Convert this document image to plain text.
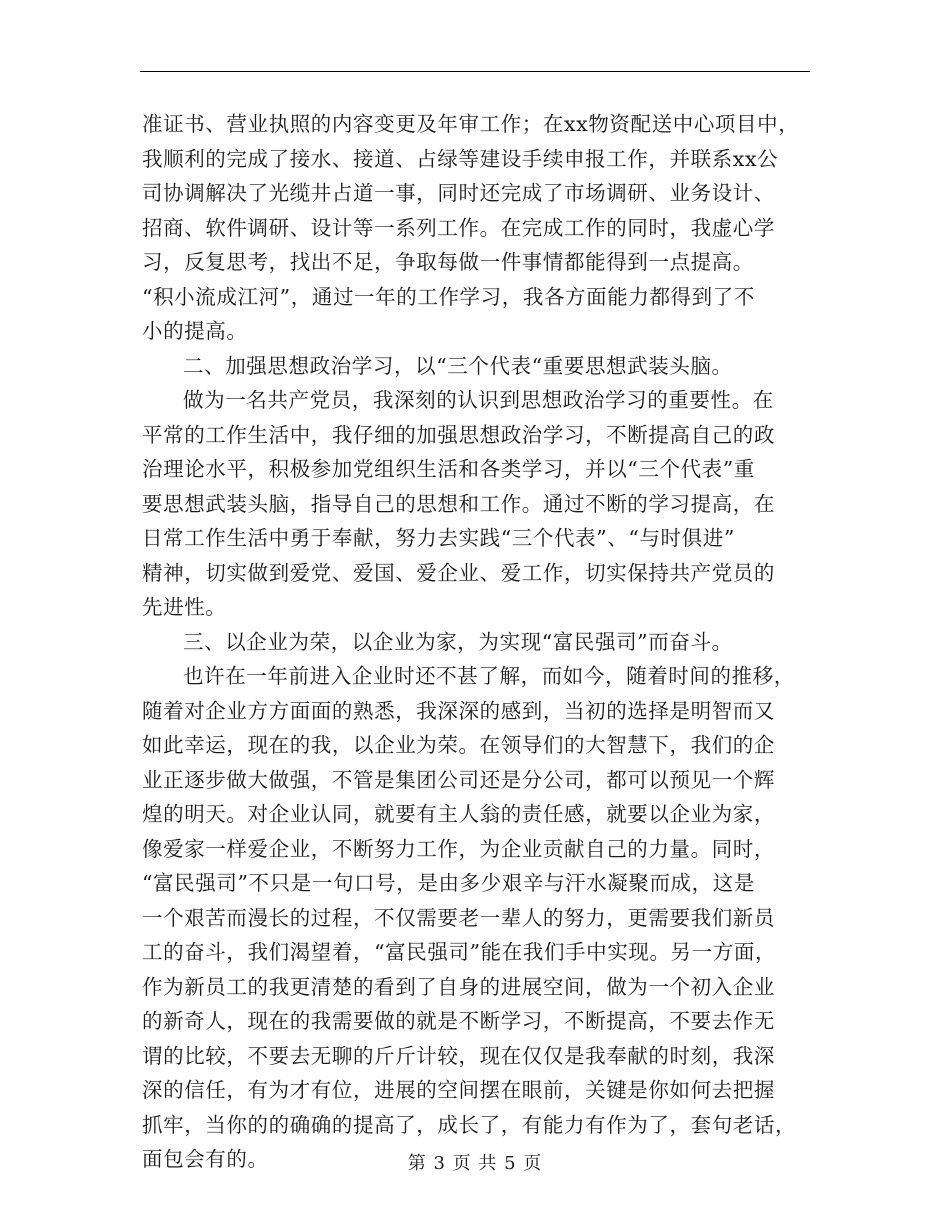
准证书、营业执照的内容变更及年审工作；在xx物资配送中心项目中，
我顺利的完成了接水、接道、占绿等建设手续申报工作，并联系xx公
司协调解决了光缆井占道一事，同时还完成了市场调研、业务设计、
招商、软件调研、设计等一系列工作。在完成工作的同时，我虚心学
习，反复思考，找出不足，争取每做一件事情都能得到一点提高。
“积小流成江河”，通过一年的工作学习，我各方面能力都得到了不
小的提高。
二、加强思想政治学习，以“三个代表“重要思想武装头脑。
做为一名共产党员，我深刻的认识到思想政治学习的重要性。在
平常的工作生活中，我仔细的加强思想政治学习，不断提高自己的政
治理论水平，积极参加党组织生活和各类学习，并以“三个代表”重
要思想武装头脑，指导自己的思想和工作。通过不断的学习提高，在
日常工作生活中勇于奉献，努力去实践“三个代表”、“与时俱进”
精神，切实做到爱党、爱国、爱企业、爱工作，切实保持共产党员的
先进性。
三、以企业为荣，以企业为家，为实现“富民强司”而奋斗。
也许在一年前进入企业时还不甚了解，而如今，随着时间的推移，
随着对企业方方面面的熟悉，我深深的感到，当初的选择是明智而又
如此幸运，现在的我，以企业为荣。在领导们的大智慧下，我们的企
业正逐步做大做强，不管是集团公司还是分公司，都可以预见一个辉
煌的明天。对企业认同，就要有主人翁的责任感，就要以企业为家，
像爱家一样爱企业，不断努力工作，为企业贡献自己的力量。同时，
“富民强司”不只是一句口号，是由多少艰辛与汗水凝聚而成，这是
一个艰苦而漫长的过程，不仅需要老一辈人的努力，更需要我们新员
工的奋斗，我们渴望着，“富民强司”能在我们手中实现。另一方面，
作为新员工的我更清楚的看到了自身的进展空间，做为一个初入企业
的新奇人，现在的我需要做的就是不断学习，不断提高，不要去作无
谓的比较，不要去无聊的斤斤计较，现在仅仅是我奉献的时刻，我深
深的信任，有为才有位，进展的空间摆在眼前，关键是你如何去把握
抓牢，当你的的确确的提高了，成长了，有能力有作为了，套句老话，
面包会有的。	第 3 页 共 5 页
